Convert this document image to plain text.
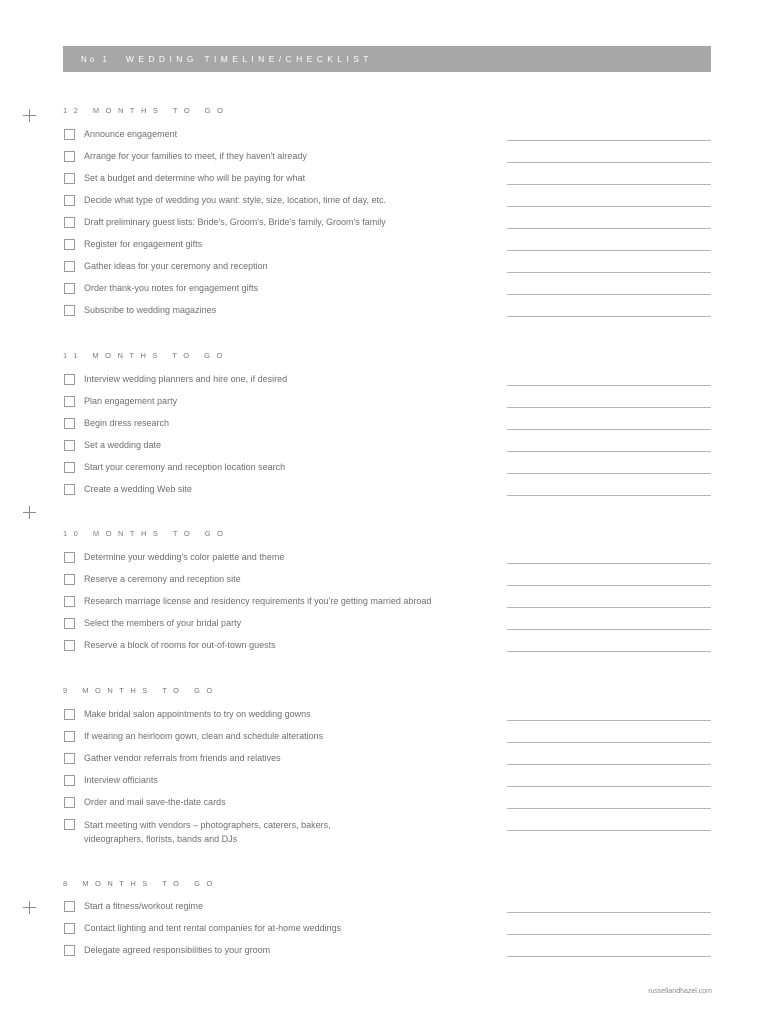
No 1 WEDDING TIMELINE/CHECKLIST
12 MONTHS TO GO
Announce engagement
Arrange for your families to meet, if they haven't already
Set a budget and determine who will be paying for what
Decide what type of wedding you want: style, size, location, time of day, etc.
Draft preliminary guest lists: Bride's, Groom's, Bride's family, Groom's family
Register for engagement gifts
Gather ideas for your ceremony and reception
Order thank-you notes for engagement gifts
Subscribe to wedding magazines
11 MONTHS TO GO
Interview wedding planners and hire one, if desired
Plan engagement party
Begin dress research
Set a wedding date
Start your ceremony and reception location search
Create a wedding Web site
10 MONTHS TO GO
Determine your wedding's color palette and theme
Reserve a ceremony and reception site
Research marriage license and residency requirements if you're getting married abroad
Select the members of your bridal party
Reserve a block of rooms for out-of-town guests
9 MONTHS TO GO
Make bridal salon appointments to try on wedding gowns
If wearing an heirloom gown, clean and schedule alterations
Gather vendor referrals from friends and relatives
Interview officiants
Order and mail save-the-date cards
Start meeting with vendors – photographers, caterers, bakers, videographers, florists, bands and DJs
8 MONTHS TO GO
Start a fitness/workout regime
Contact lighting and tent rental companies for at-home weddings
Delegate agreed responsibilities to your groom
russellandhazel.com
